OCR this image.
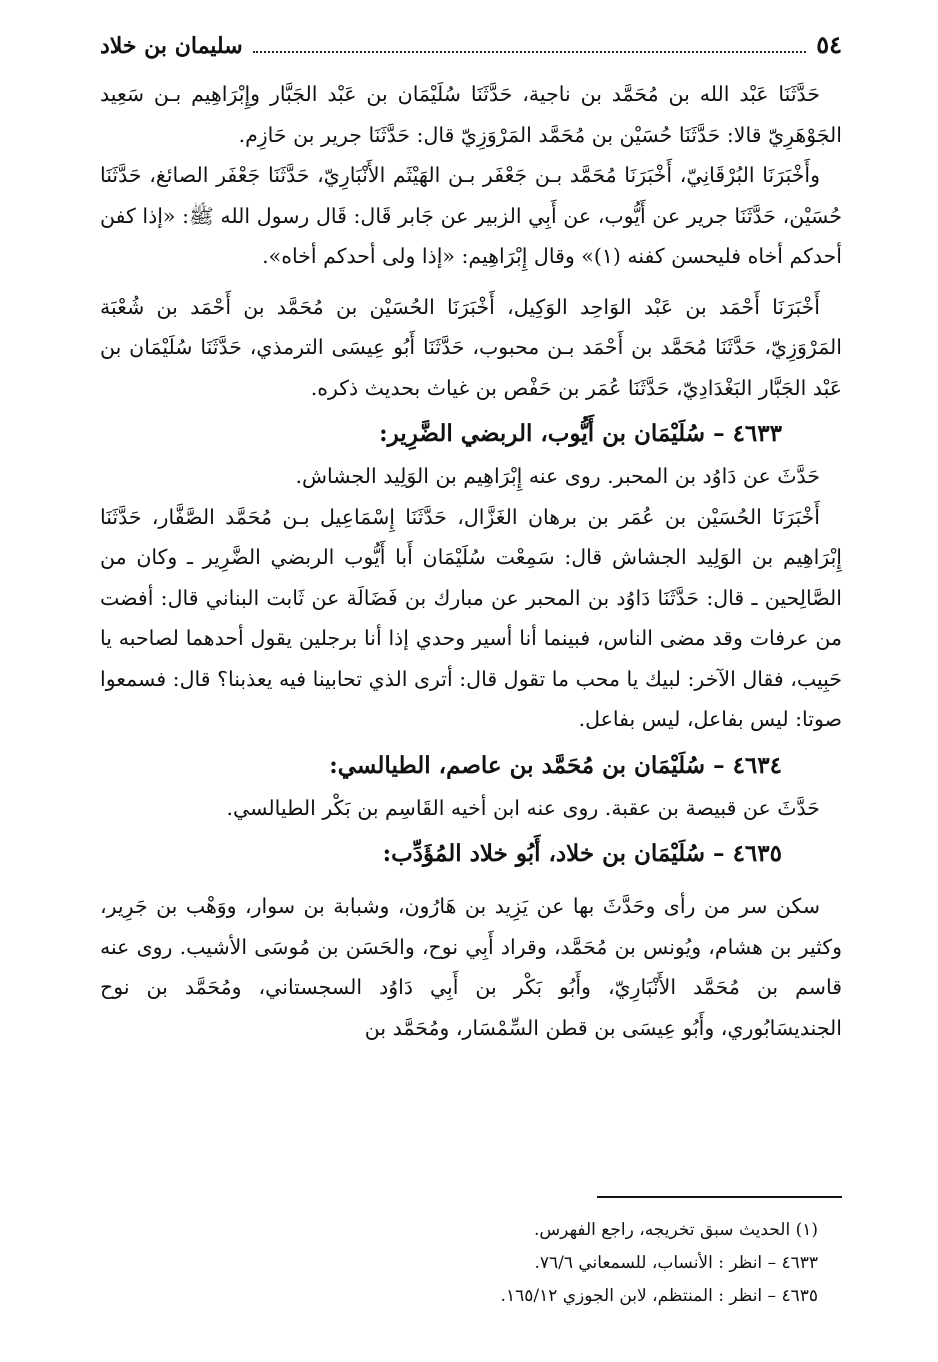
٥٤
سليمان بن خلاد

حَدَّثَنَا عَبْد الله بن مُحَمَّد بن ناجية، حَدَّثَنَا سُلَيْمَان بن عَبْد الجَبَّار وإِبْرَاهِيم بـن سَعِيد الجَوْهَرِيّ قالا: حَدَّثَنَا حُسَيْن بن مُحَمَّد المَرْوَزِيّ قال: حَدَّثَنَا جرير بن حَازِم.

وأَخْبَرَنَا البُرْقَانِيّ، أَخْبَرَنَا مُحَمَّد بـن جَعْفَر بـن الهَيْثَم الأَنْبَارِيّ، حَدَّثَنَا جَعْفَر الصائغ، حَدَّثَنَا حُسَيْن، حَدَّثَنَا جرير عن أَيُّوب، عن أَبِي الزبير عن جَابر قَال: قَال رسول الله ﷺ: «إذا كفن أحدكم أخاه فليحسن كفنه (١)» وقال إِبْرَاهِيم: «إذا ولى أحدكم أخاه».

أَخْبَرَنَا أَحْمَد بن عَبْد الوَاحِد الوَكِيل، أَخْبَرَنَا الحُسَيْن بن مُحَمَّد بن أَحْمَد بن شُعْبَة المَرْوَزِيّ، حَدَّثَنَا مُحَمَّد بن أَحْمَد بـن محبوب، حَدَّثَنَا أَبُو عِيسَى الترمذي، حَدَّثَنَا سُلَيْمَان بن عَبْد الجَبَّار البَغْدَادِيّ، حَدَّثَنَا عُمَر بن حَفْص بن غياث بحديث ذكره.

٤٦٣٣ – سُلَيْمَان بن أَيُّوب، الربضي الضَّرِير:

حَدَّثَ عن دَاوُد بن المحبر. روى عنه إِبْرَاهِيم بن الوَلِيد الجشاش.

أَخْبَرَنَا الحُسَيْن بن عُمَر بن برهان الغَزَّال، حَدَّثَنَا إِسْمَاعِيل بـن مُحَمَّد الصَّفَّار، حَدَّثَنَا إِبْرَاهِيم بن الوَلِيد الجشاش قال: سَمِعْت سُلَيْمَان أَبا أَيُّوب الربضي الضَّرِير ـ وكان من الصَّالِحين ـ قال: حَدَّثَنَا دَاوُد بن المحبر عن مبارك بن فَضَالَة عن ثَابت البناني قال: أفضت من عرفات وقد مضى الناس، فبينما أنا أسير وحدي إذا أنا برجلين يقول أحدهما لصاحبه يا حَبِيب، فقال الآخر: لبيك يا محب ما تقول قال: أترى الذي تحابينا فيه يعذبنا؟ قال: فسمعوا صوتا: ليس بفاعل، ليس بفاعل.

٤٦٣٤ – سُلَيْمَان بن مُحَمَّد بن عاصم، الطيالسي:

حَدَّثَ عن قبيصة بن عقبة. روى عنه ابن أخيه القَاسِم بن بَكْر الطيالسي.

٤٦٣٥ – سُلَيْمَان بن خلاد، أَبُو خلاد المُؤَدِّب:

سكن سر من رأى وحَدَّثَ بها عن يَزِيد بن هَارُون، وشبابة بن سوار، ووَهْب بن جَرِير، وكثير بن هشام، ويُونس بن مُحَمَّد، وقراد أَبِي نوح، والحَسَن بن مُوسَى الأشيب. روى عنه قاسم بن مُحَمَّد الأَنْبَارِيّ، وأَبُو بَكْر بن أَبِي دَاوُد السجستاني، ومُحَمَّد بن نوح الجنديسَابُوري، وأَبُو عِيسَى بن قطن السِّمْسَار، ومُحَمَّد بن

(١) الحديث سبق تخريجه، راجع الفهرس.
٤٦٣٣ – انظر : الأنساب، للسمعاني ٧٦/٦.
٤٦٣٥ – انظر : المنتظم، لابن الجوزي ١٦٥/١٢.
